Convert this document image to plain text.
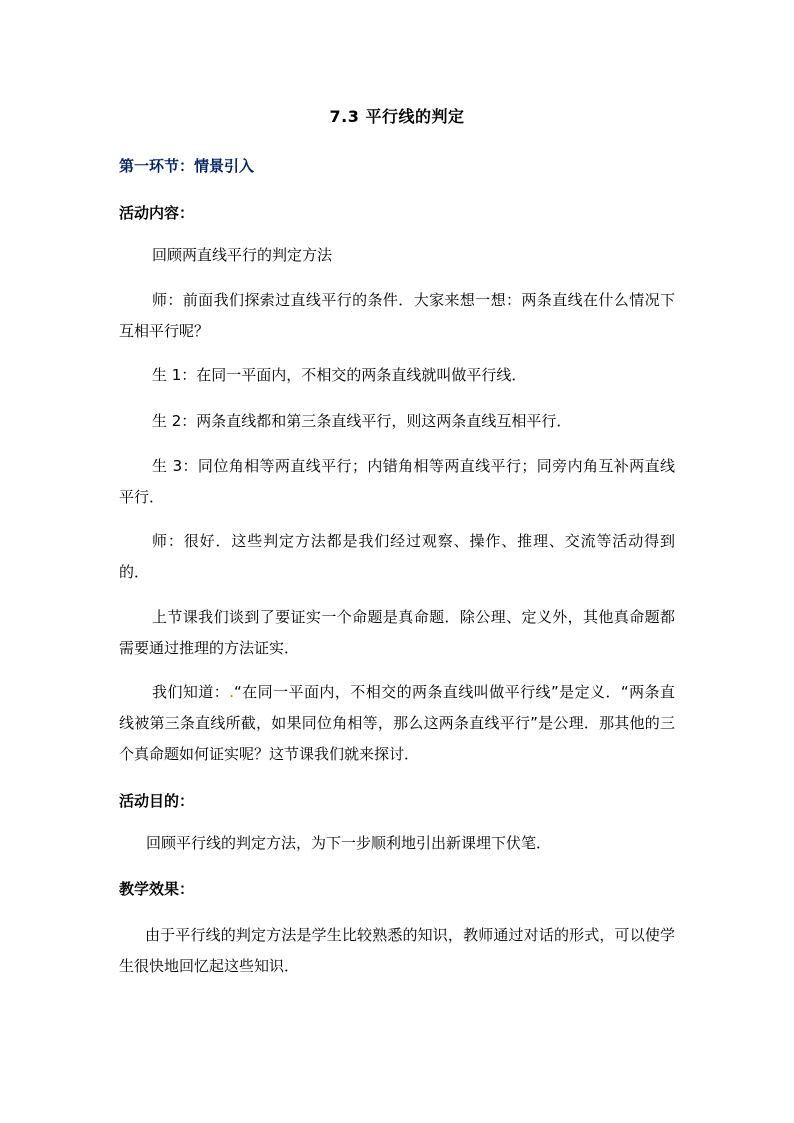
7.3 平行线的判定
第一环节：情景引入
活动内容：
回顾两直线平行的判定方法
师：前面我们探索过直线平行的条件．大家来想一想：两条直线在什么情况下互相平行呢？
生 1：在同一平面内，不相交的两条直线就叫做平行线．
生 2：两条直线都和第三条直线平行，则这两条直线互相平行．
生 3：同位角相等两直线平行；内错角相等两直线平行；同旁内角互补两直线平行．
师：很好．这些判定方法都是我们经过观察、操作、推理、交流等活动得到的．
上节课我们谈到了要证实一个命题是真命题．除公理、定义外，其他真命题都需要通过推理的方法证实．
我们知道：.“在同一平面内，不相交的两条直线叫做平行线”是定义．“两条直线被第三条直线所截，如果同位角相等，那么这两条直线平行”是公理．那其他的三个真命题如何证实呢？这节课我们就来探讨．
活动目的：
回顾平行线的判定方法，为下一步顺利地引出新课埋下伏笔．
教学效果：
由于平行线的判定方法是学生比较熟悉的知识，教师通过对话的形式，可以使学生很快地回忆起这些知识．
